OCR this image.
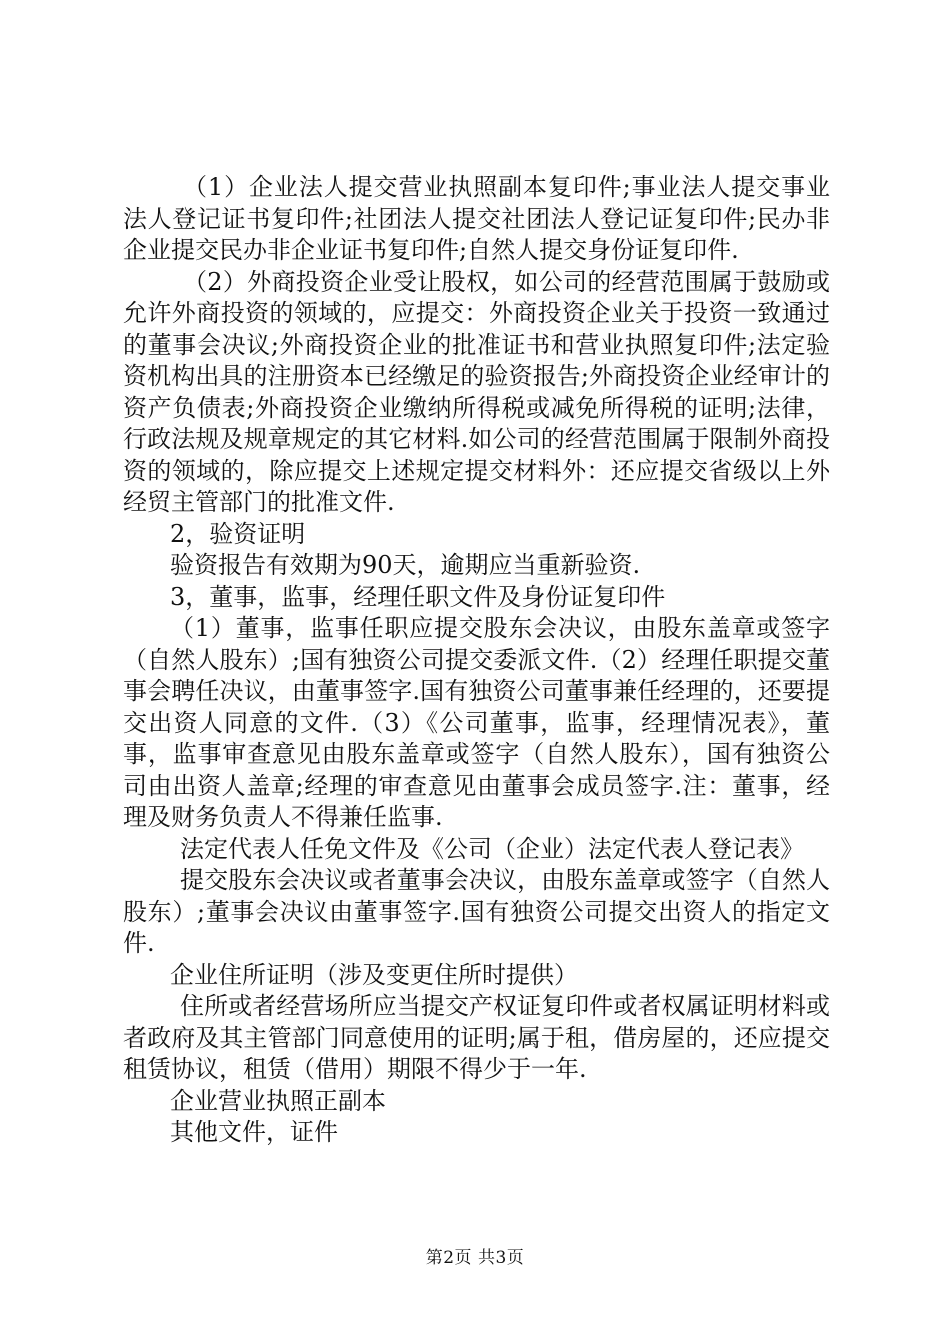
（1）企业法人提交营业执照副本复印件;事业法人提交事业法人登记证书复印件;社团法人提交社团法人登记证复印件;民办非企业提交民办非企业证书复印件;自然人提交身份证复印件.

（2）外商投资企业受让股权，如公司的经营范围属于鼓励或允许外商投资的领域的，应提交：外商投资企业关于投资一致通过的董事会决议;外商投资企业的批准证书和营业执照复印件;法定验资机构出具的注册资本已经缴足的验资报告;外商投资企业经审计的资产负债表;外商投资企业缴纳所得税或减免所得税的证明;法律，行政法规及规章规定的其它材料.如公司的经营范围属于限制外商投资的领域的，除应提交上述规定提交材料外：还应提交省级以上外经贸主管部门的批准文件.

2，验资证明

验资报告有效期为90天，逾期应当重新验资.

3，董事，监事，经理任职文件及身份证复印件

（1）董事，监事任职应提交股东会决议，由股东盖章或签字（自然人股东）;国有独资公司提交委派文件.（2）经理任职提交董事会聘任决议，由董事签字.国有独资公司董事兼任经理的，还要提交出资人同意的文件.（3）《公司董事，监事，经理情况表》，董事，监事审查意见由股东盖章或签字（自然人股东），国有独资公司由出资人盖章;经理的审查意见由董事会成员签字.注：董事，经理及财务负责人不得兼任监事.

法定代表人任免文件及《公司（企业）法定代表人登记表》

提交股东会决议或者董事会决议，由股东盖章或签字（自然人股东）;董事会决议由董事签字.国有独资公司提交出资人的指定文件.

企业住所证明（涉及变更住所时提供）

住所或者经营场所应当提交产权证复印件或者权属证明材料或者政府及其主管部门同意使用的证明;属于租，借房屋的，还应提交租赁协议，租赁（借用）期限不得少于一年.

企业营业执照正副本

其他文件，证件

第2页 共3页
